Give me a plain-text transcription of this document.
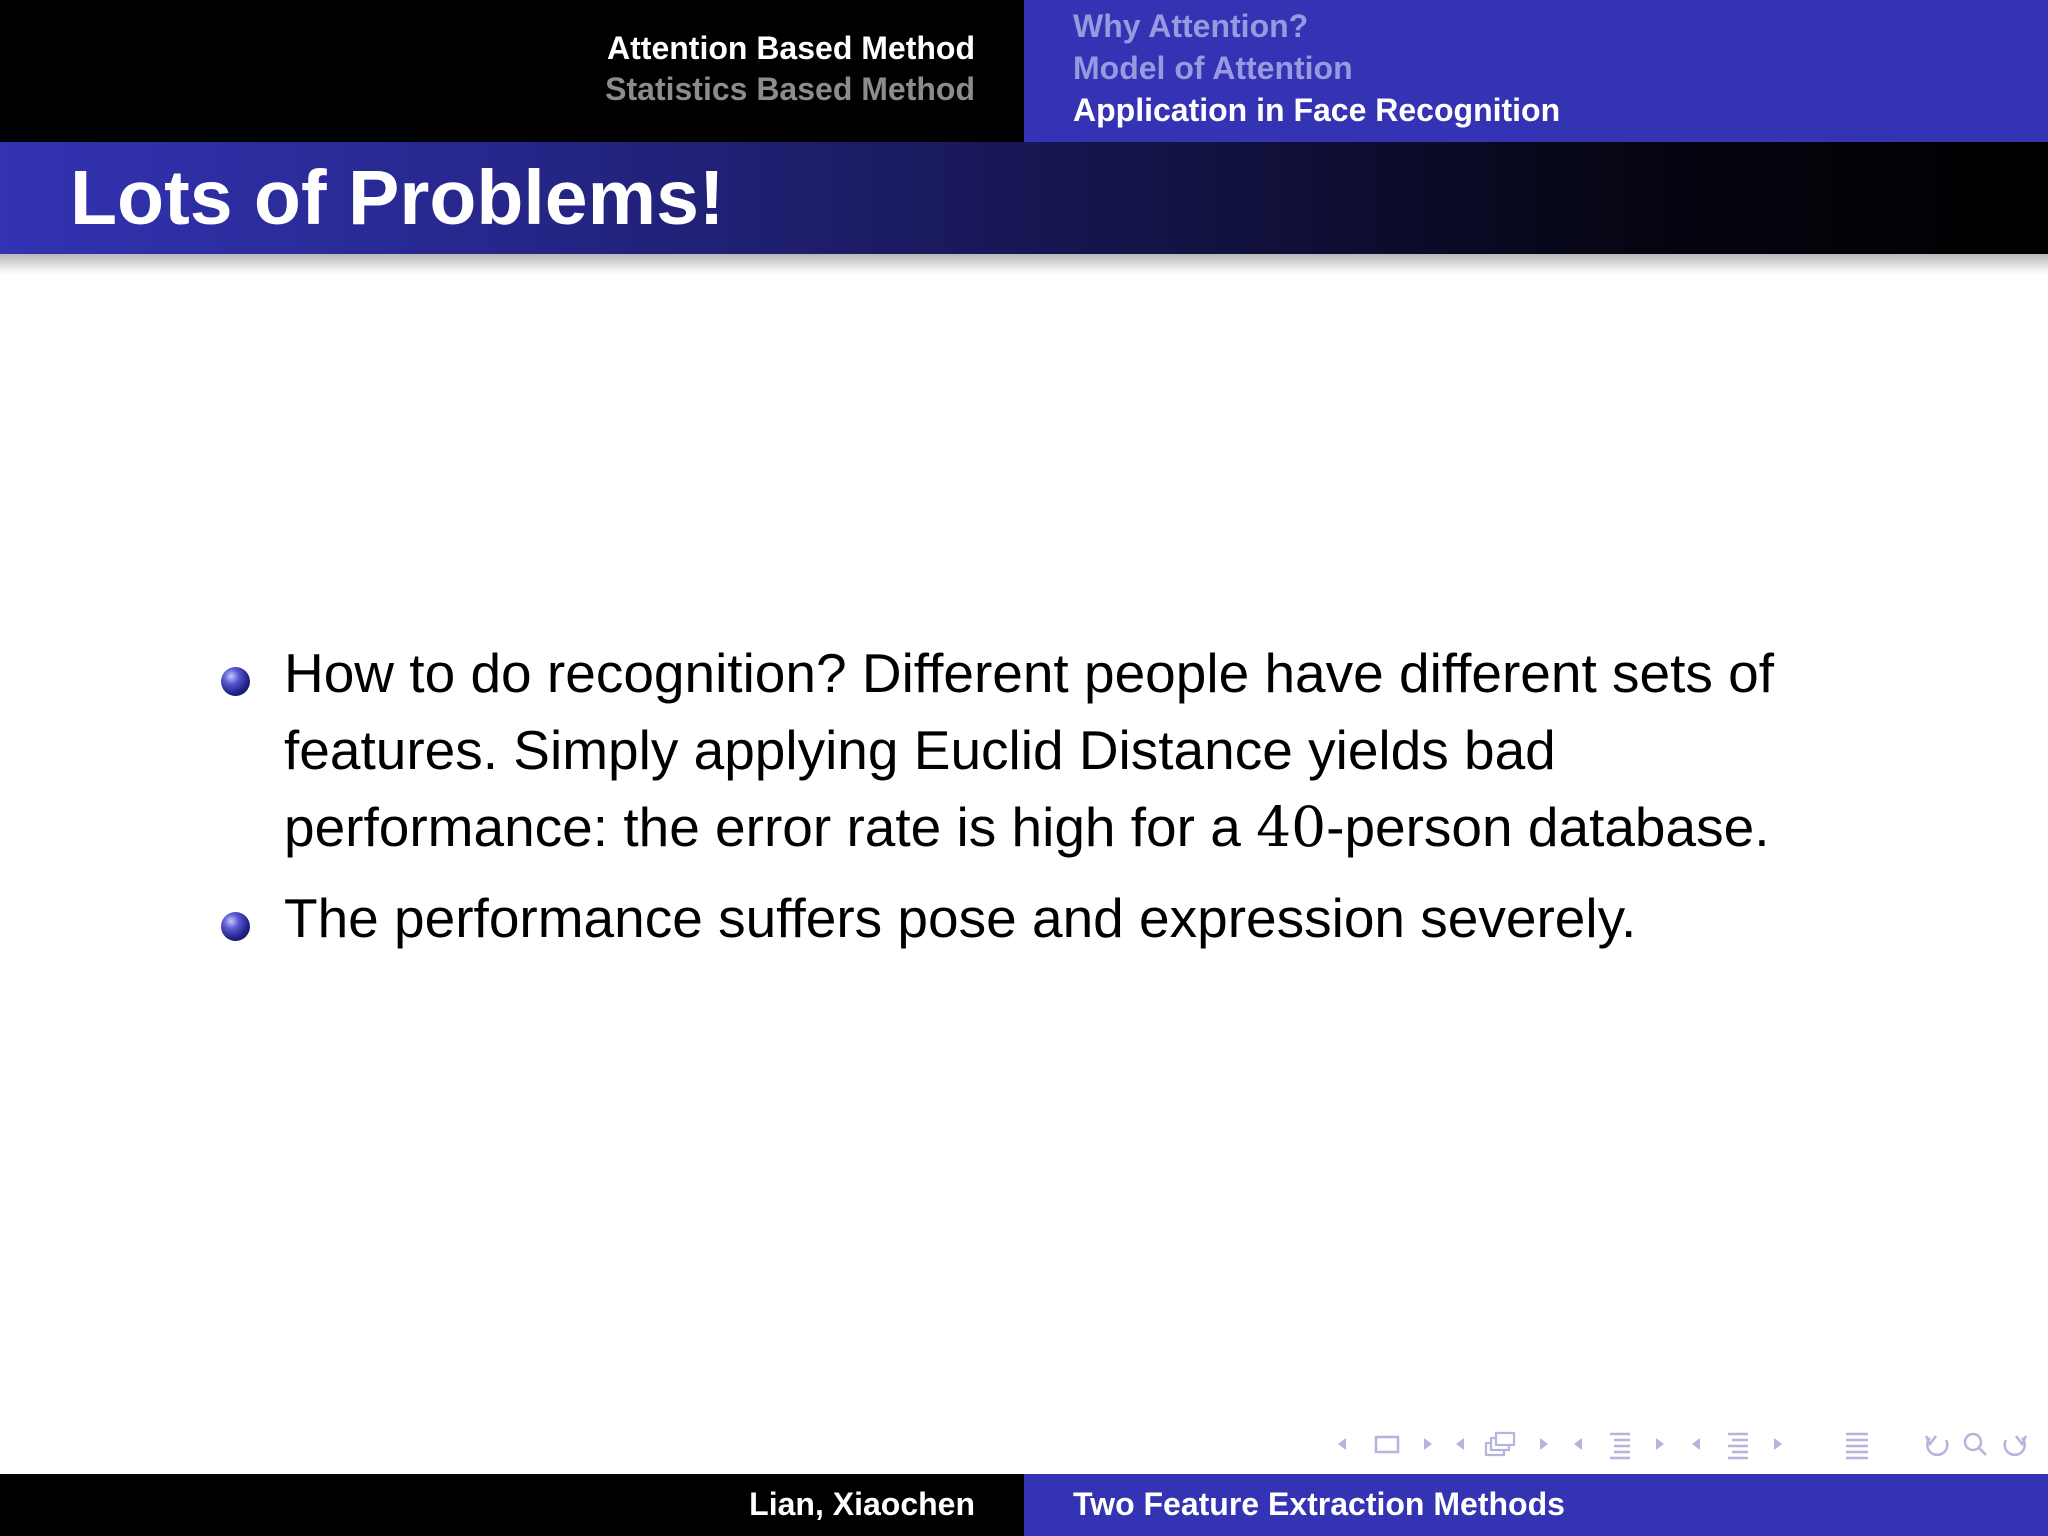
Attention Based Method
Statistics Based Method
Why Attention?
Model of Attention
Application in Face Recognition
Lots of Problems!
How to do recognition? Different people have different sets of features. Simply applying Euclid Distance yields bad performance: the error rate is high for a 40-person database.
The performance suffers pose and expression severely.
Lian, Xiaochen	Two Feature Extraction Methods
